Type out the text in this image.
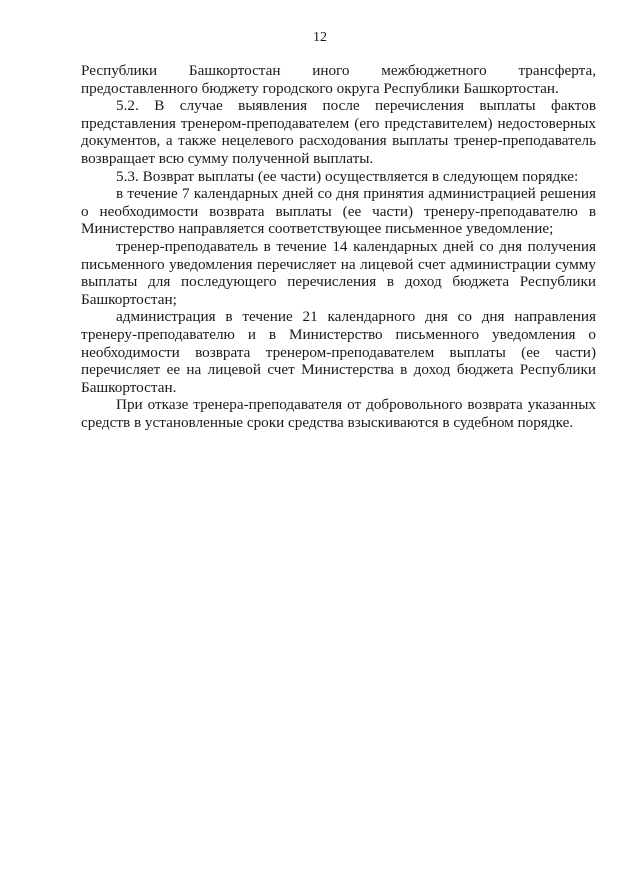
12

Республики Башкортостан иного межбюджетного трансферта, предоставленного бюджету городского округа Республики Башкортостан.

5.2. В случае выявления после перечисления выплаты фактов представления тренером-преподавателем (его представителем) недостоверных документов, а также нецелевого расходования выплаты тренер-преподаватель возвращает всю сумму полученной выплаты.

5.3. Возврат выплаты (ее части) осуществляется в следующем порядке:

в течение 7 календарных дней со дня принятия администрацией решения о необходимости возврата выплаты (ее части) тренеру-преподавателю в Министерство направляется соответствующее письменное уведомление;

тренер-преподаватель в течение 14 календарных дней со дня получения письменного уведомления перечисляет на лицевой счет администрации сумму выплаты для последующего перечисления в доход бюджета Республики Башкортостан;

администрация в течение 21 календарного дня со дня направления тренеру-преподавателю и в Министерство письменного уведомления о необходимости возврата тренером-преподавателем выплаты (ее части) перечисляет ее на лицевой счет Министерства в доход бюджета Республики Башкортостан.

При отказе тренера-преподавателя от добровольного возврата указанных средств в установленные сроки средства взыскиваются в судебном порядке.
